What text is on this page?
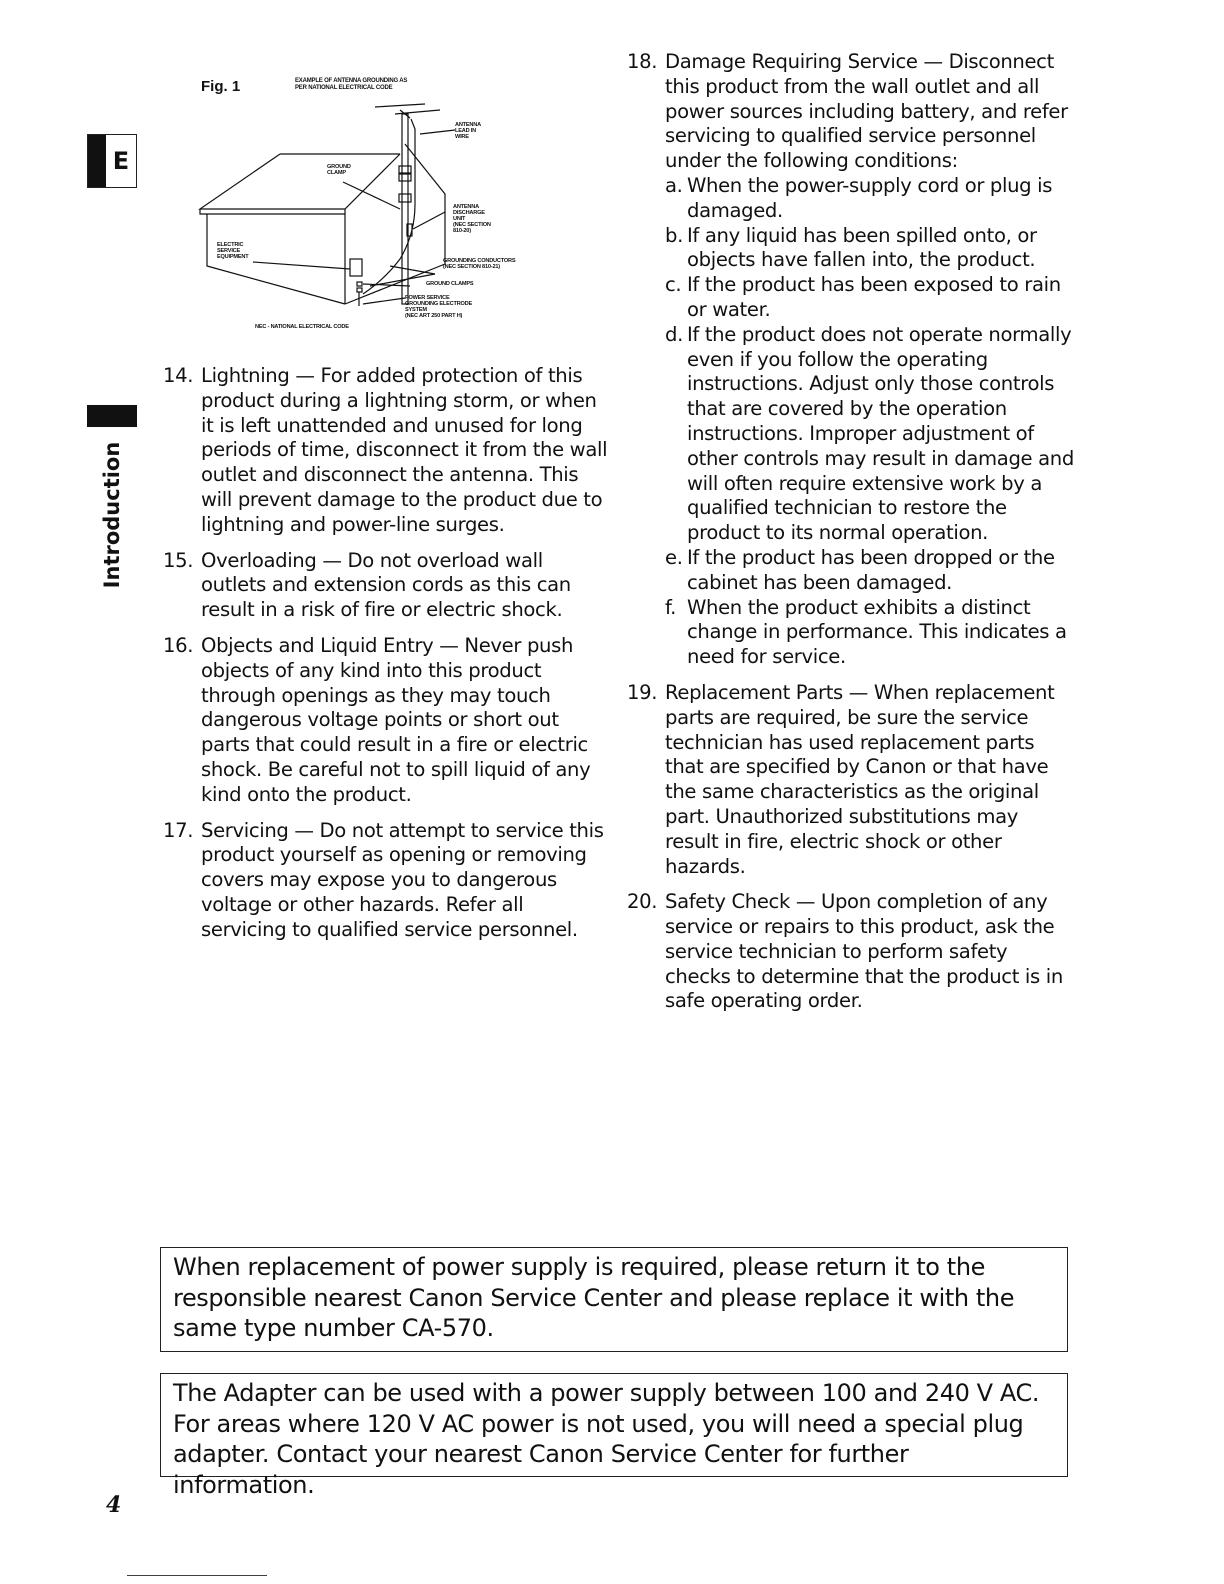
E
Introduction
Fig. 1	EXAMPLE OF ANTENNA GROUNDING AS
PER NATIONAL ELECTRICAL CODE
ANTENNA
LEAD IN
WIRE
GROUND
CLAMP
ANTENNA
DISCHARGE
UNIT
(NEC SECTION
810-20)
ELECTRIC
SERVICE
EQUIPMENT
GROUNDING CONDUCTORS
(NEC SECTION 810-21)
GROUND CLAMPS
POWER SERVICE
GROUNDING ELECTRODE
SYSTEM
(NEC ART 250 PART H)
NEC - NATIONAL ELECTRICAL CODE
14. Lightning — For added protection of this product during a lightning storm, or when it is left unattended and unused for long periods of time, disconnect it from the wall outlet and disconnect the antenna. This will prevent damage to the product due to lightning and power-line surges.
15. Overloading — Do not overload wall outlets and extension cords as this can result in a risk of fire or electric shock.
16. Objects and Liquid Entry — Never push objects of any kind into this product through openings as they may touch dangerous voltage points or short out parts that could result in a fire or electric shock. Be careful not to spill liquid of any kind onto the product.
17. Servicing — Do not attempt to service this product yourself as opening or removing covers may expose you to dangerous voltage or other hazards. Refer all servicing to qualified service personnel.
18. Damage Requiring Service — Disconnect this product from the wall outlet and all power sources including battery, and refer servicing to qualified service personnel under the following conditions:
a. When the power-supply cord or plug is damaged.
b. If any liquid has been spilled onto, or objects have fallen into, the product.
c. If the product has been exposed to rain or water.
d. If the product does not operate normally even if you follow the operating instructions. Adjust only those controls that are covered by the operation instructions. Improper adjustment of other controls may result in damage and will often require extensive work by a qualified technician to restore the product to its normal operation.
e. If the product has been dropped or the cabinet has been damaged.
f. When the product exhibits a distinct change in performance. This indicates a need for service.
19. Replacement Parts — When replacement parts are required, be sure the service technician has used replacement parts that are specified by Canon or that have the same characteristics as the original part. Unauthorized substitutions may result in fire, electric shock or other hazards.
20. Safety Check — Upon completion of any service or repairs to this product, ask the service technician to perform safety checks to determine that the product is in safe operating order.
When replacement of power supply is required, please return it to the responsible nearest Canon Service Center and please replace it with the same type number CA-570.
The Adapter can be used with a power supply between 100 and 240 V AC. For areas where 120 V AC power is not used, you will need a special plug adapter. Contact your nearest Canon Service Center for further information.
4
